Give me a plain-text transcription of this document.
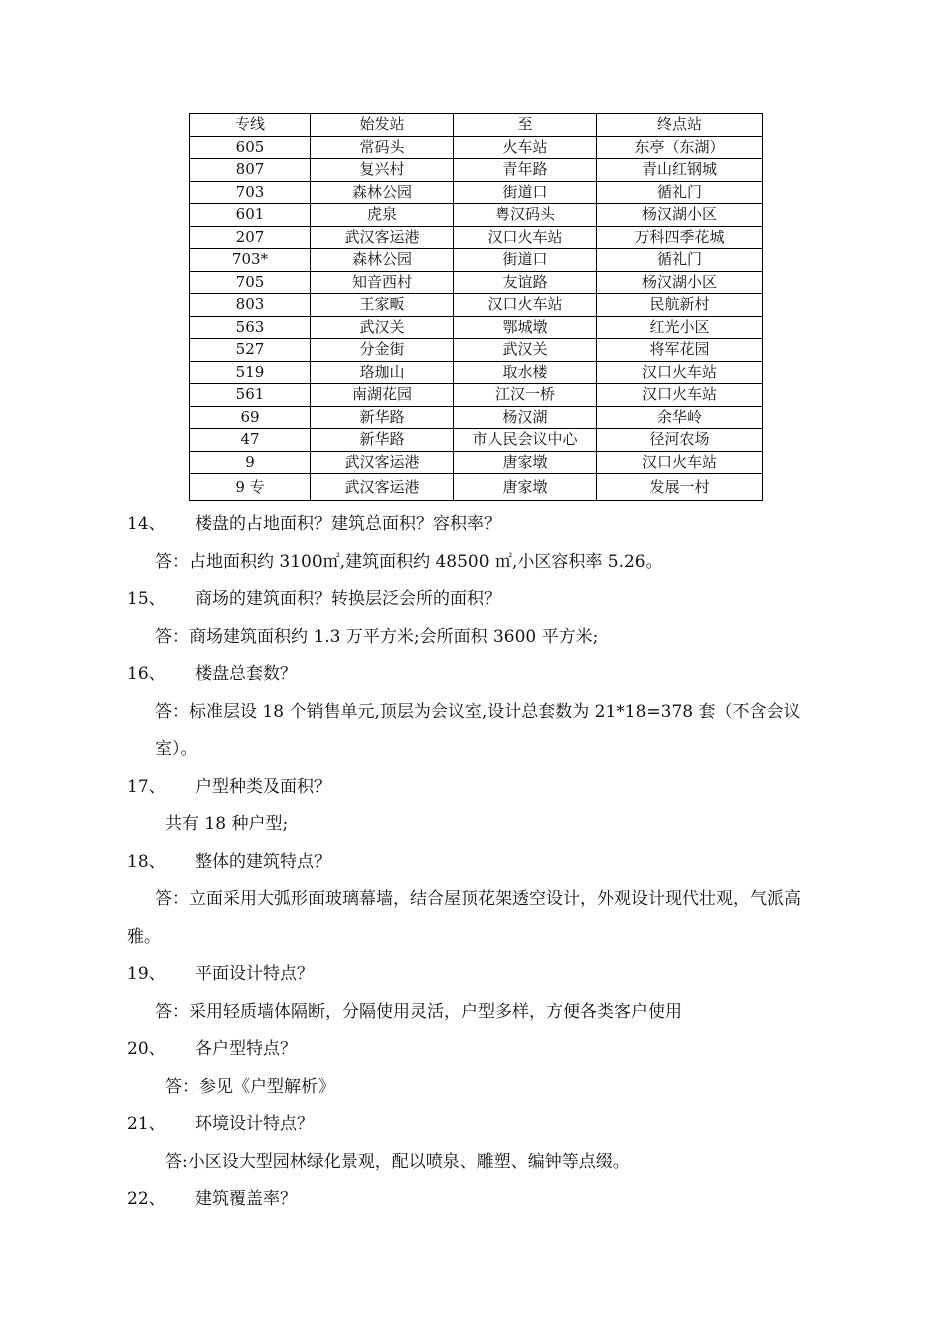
专线	始发站	至	终点站
605	常码头	火车站	东亭（东湖）
807	复兴村	青年路	青山红钢城
703	森林公园	街道口	循礼门
601	虎泉	粤汉码头	杨汉湖小区
207	武汉客运港	汉口火车站	万科四季花城
703*	森林公园	街道口	循礼门
705	知音西村	友谊路	杨汉湖小区
803	王家畈	汉口火车站	民航新村
563	武汉关	鄂城墩	红光小区
527	分金街	武汉关	将军花园
519	珞珈山	取水楼	汉口火车站
561	南湖花园	江汉一桥	汉口火车站
69	新华路	杨汉湖	余华岭
47	新华路	市人民会议中心	径河农场
9	武汉客运港	唐家墩	汉口火车站
9 专	武汉客运港	唐家墩	发展一村
14、 楼盘的占地面积？建筑总面积？容积率？
答：占地面积约 3100㎡,建筑面积约 48500 ㎡,小区容积率 5.26。
15、 商场的建筑面积？转换层泛会所的面积？
答：商场建筑面积约 1.3 万平方米;会所面积 3600 平方米;
16、 楼盘总套数？
答：标准层设 18 个销售单元,顶层为会议室,设计总套数为 21*18=378 套（不含会议室）。
17、 户型种类及面积？
共有 18 种户型;
18、 整体的建筑特点？
答：立面采用大弧形面玻璃幕墙，结合屋顶花架透空设计，外观设计现代壮观，气派高雅。
19、 平面设计特点？
答：采用轻质墙体隔断，分隔使用灵活，户型多样，方便各类客户使用
20、 各户型特点？
答：参见《户型解析》
21、 环境设计特点？
答:小区设大型园林绿化景观，配以喷泉、雕塑、编钟等点缀。
22、 建筑覆盖率？
